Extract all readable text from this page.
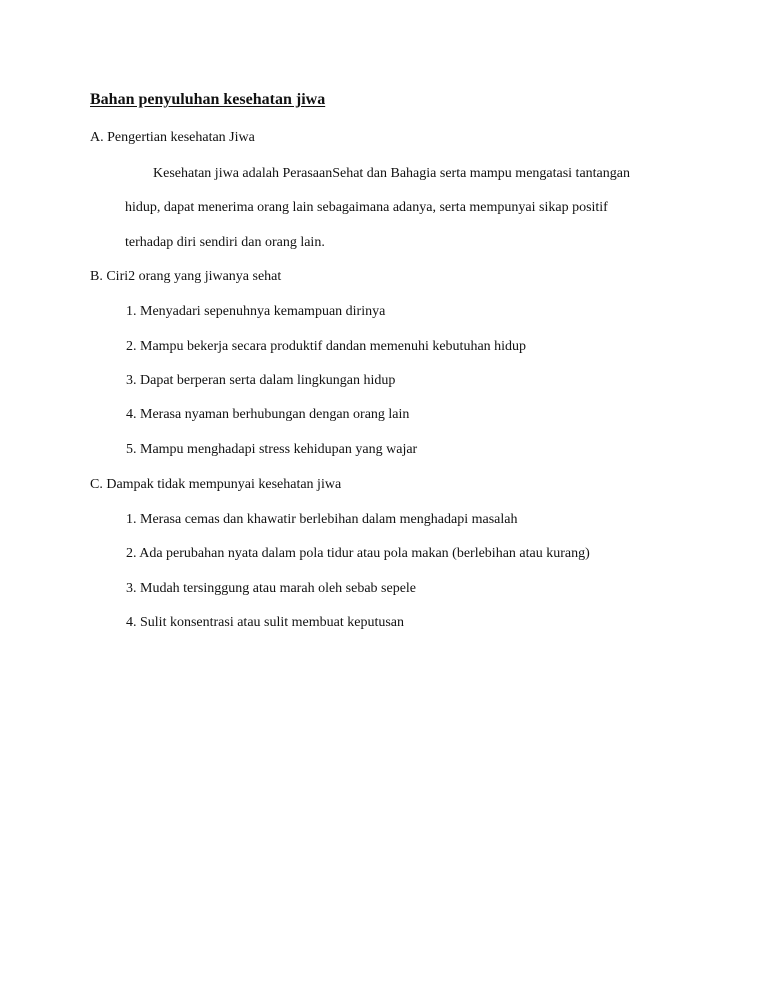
Bahan penyuluhan kesehatan jiwa

A. Pengertian kesehatan Jiwa

Kesehatan jiwa adalah PerasaanSehat dan Bahagia serta mampu mengatasi tantangan

hidup, dapat menerima orang lain sebagaimana adanya, serta mempunyai sikap positif

terhadap diri sendiri dan orang lain.

B. Ciri2 orang yang jiwanya sehat

1. Menyadari sepenuhnya kemampuan dirinya

2. Mampu bekerja secara produktif dandan memenuhi kebutuhan hidup

3. Dapat berperan serta dalam lingkungan hidup

4. Merasa nyaman berhubungan dengan orang lain

5. Mampu menghadapi stress kehidupan yang wajar

C. Dampak tidak mempunyai kesehatan jiwa

1. Merasa cemas dan khawatir berlebihan dalam menghadapi masalah

2. Ada perubahan nyata dalam pola tidur atau pola makan (berlebihan atau kurang)

3. Mudah tersinggung atau marah oleh sebab sepele

4. Sulit konsentrasi atau sulit membuat keputusan
